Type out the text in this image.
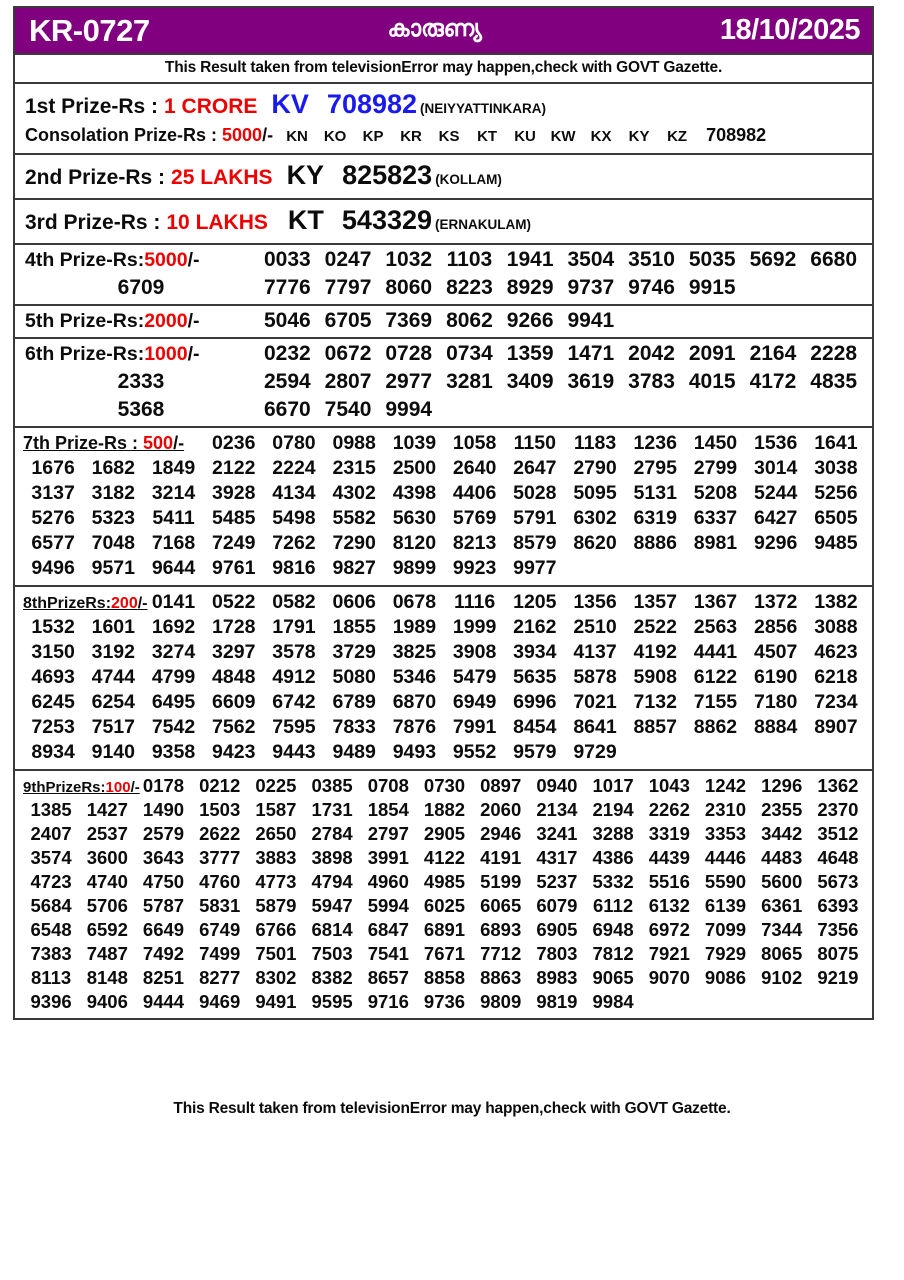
KR-0727	കാരുണ്യ	18/10/2025
This Result taken from televisionError may happen,check with GOVT Gazette.
1st Prize-Rs : 1 CRORE KV 708982 (NEIYYATTINKARA)
Consolation Prize-Rs : 5000 /- KN KO KP KR KS KT KU KW KX KY KZ	708982
2nd Prize-Rs : 25 LAKHS KY 825823 (KOLLAM)
3rd Prize-Rs : 10 LAKHS KT 543329 (ERNAKULAM)
4th Prize-Rs:5000/-	0033 0247 1032 1103 1941 3504 3510 5035 5692 6680
6709	7776 7797 8060 8223 8929 9737 9746 9915
5th Prize-Rs:2000/-	5046 6705 7369 8062 9266 9941
6th Prize-Rs:1000/-	0232 0672 0728 0734 1359 1471 2042 2091 2164 2228
2333	2594 2807 2977 3281 3409 3619 3783 4015 4172 4835
5368	6670 7540 9994
7th Prize-Rs : 500/-	0236 0780 0988 1039 1058 1150 1183 1236 1450 1536 1641
1676 1682 1849 2122 2224 2315 2500 2640 2647 2790 2795 2799 3014 3038
3137 3182 3214 3928 4134 4302 4398 4406 5028 5095 5131 5208 5244 5256
5276 5323 5411 5485 5498 5582 5630 5769 5791 6302 6319 6337 6427 6505
6577 7048 7168 7249 7262 7290 8120 8213 8579 8620 8886 8981 9296 9485
9496 9571 9644 9761 9816 9827 9899 9923 9977
8thPrizeRs:200/- 0141 0522 0582 0606 0678 1116 1205 1356 1357 1367 1372 1382
1532 1601 1692 1728 1791 1855 1989 1999 2162 2510 2522 2563 2856 3088
3150 3192 3274 3297 3578 3729 3825 3908 3934 4137 4192 4441 4507 4623
4693 4744 4799 4848 4912 5080 5346 5479 5635 5878 5908 6122 6190 6218
6245 6254 6495 6609 6742 6789 6870 6949 6996 7021 7132 7155 7180 7234
7253 7517 7542 7562 7595 7833 7876 7991 8454 8641 8857 8862 8884 8907
8934 9140 9358 9423 9443 9489 9493 9552 9579 9729
9thPrizeRs:100/- 0178 0212 0225 0385 0708 0730 0897 0940 1017 1043 1242 1296 1362
1385 1427 1490 1503 1587 1731 1854 1882 2060 2134 2194 2262 2310 2355 2370
2407 2537 2579 2622 2650 2784 2797 2905 2946 3241 3288 3319 3353 3442 3512
3574 3600 3643 3777 3883 3898 3991 4122 4191 4317 4386 4439 4446 4483 4648
4723 4740 4750 4760 4773 4794 4960 4985 5199 5237 5332 5516 5590 5600 5673
5684 5706 5787 5831 5879 5947 5994 6025 6065 6079 6112 6132 6139 6361 6393
6548 6592 6649 6749 6766 6814 6847 6891 6893 6905 6948 6972 7099 7344 7356
7383 7487 7492 7499 7501 7503 7541 7671 7712 7803 7812 7921 7929 8065 8075
8113 8148 8251 8277 8302 8382 8657 8858 8863 8983 9065 9070 9086 9102 9219
9396 9406 9444 9469 9491 9595 9716 9736 9809 9819 9984
This Result taken from televisionError may happen,check with GOVT Gazette.
